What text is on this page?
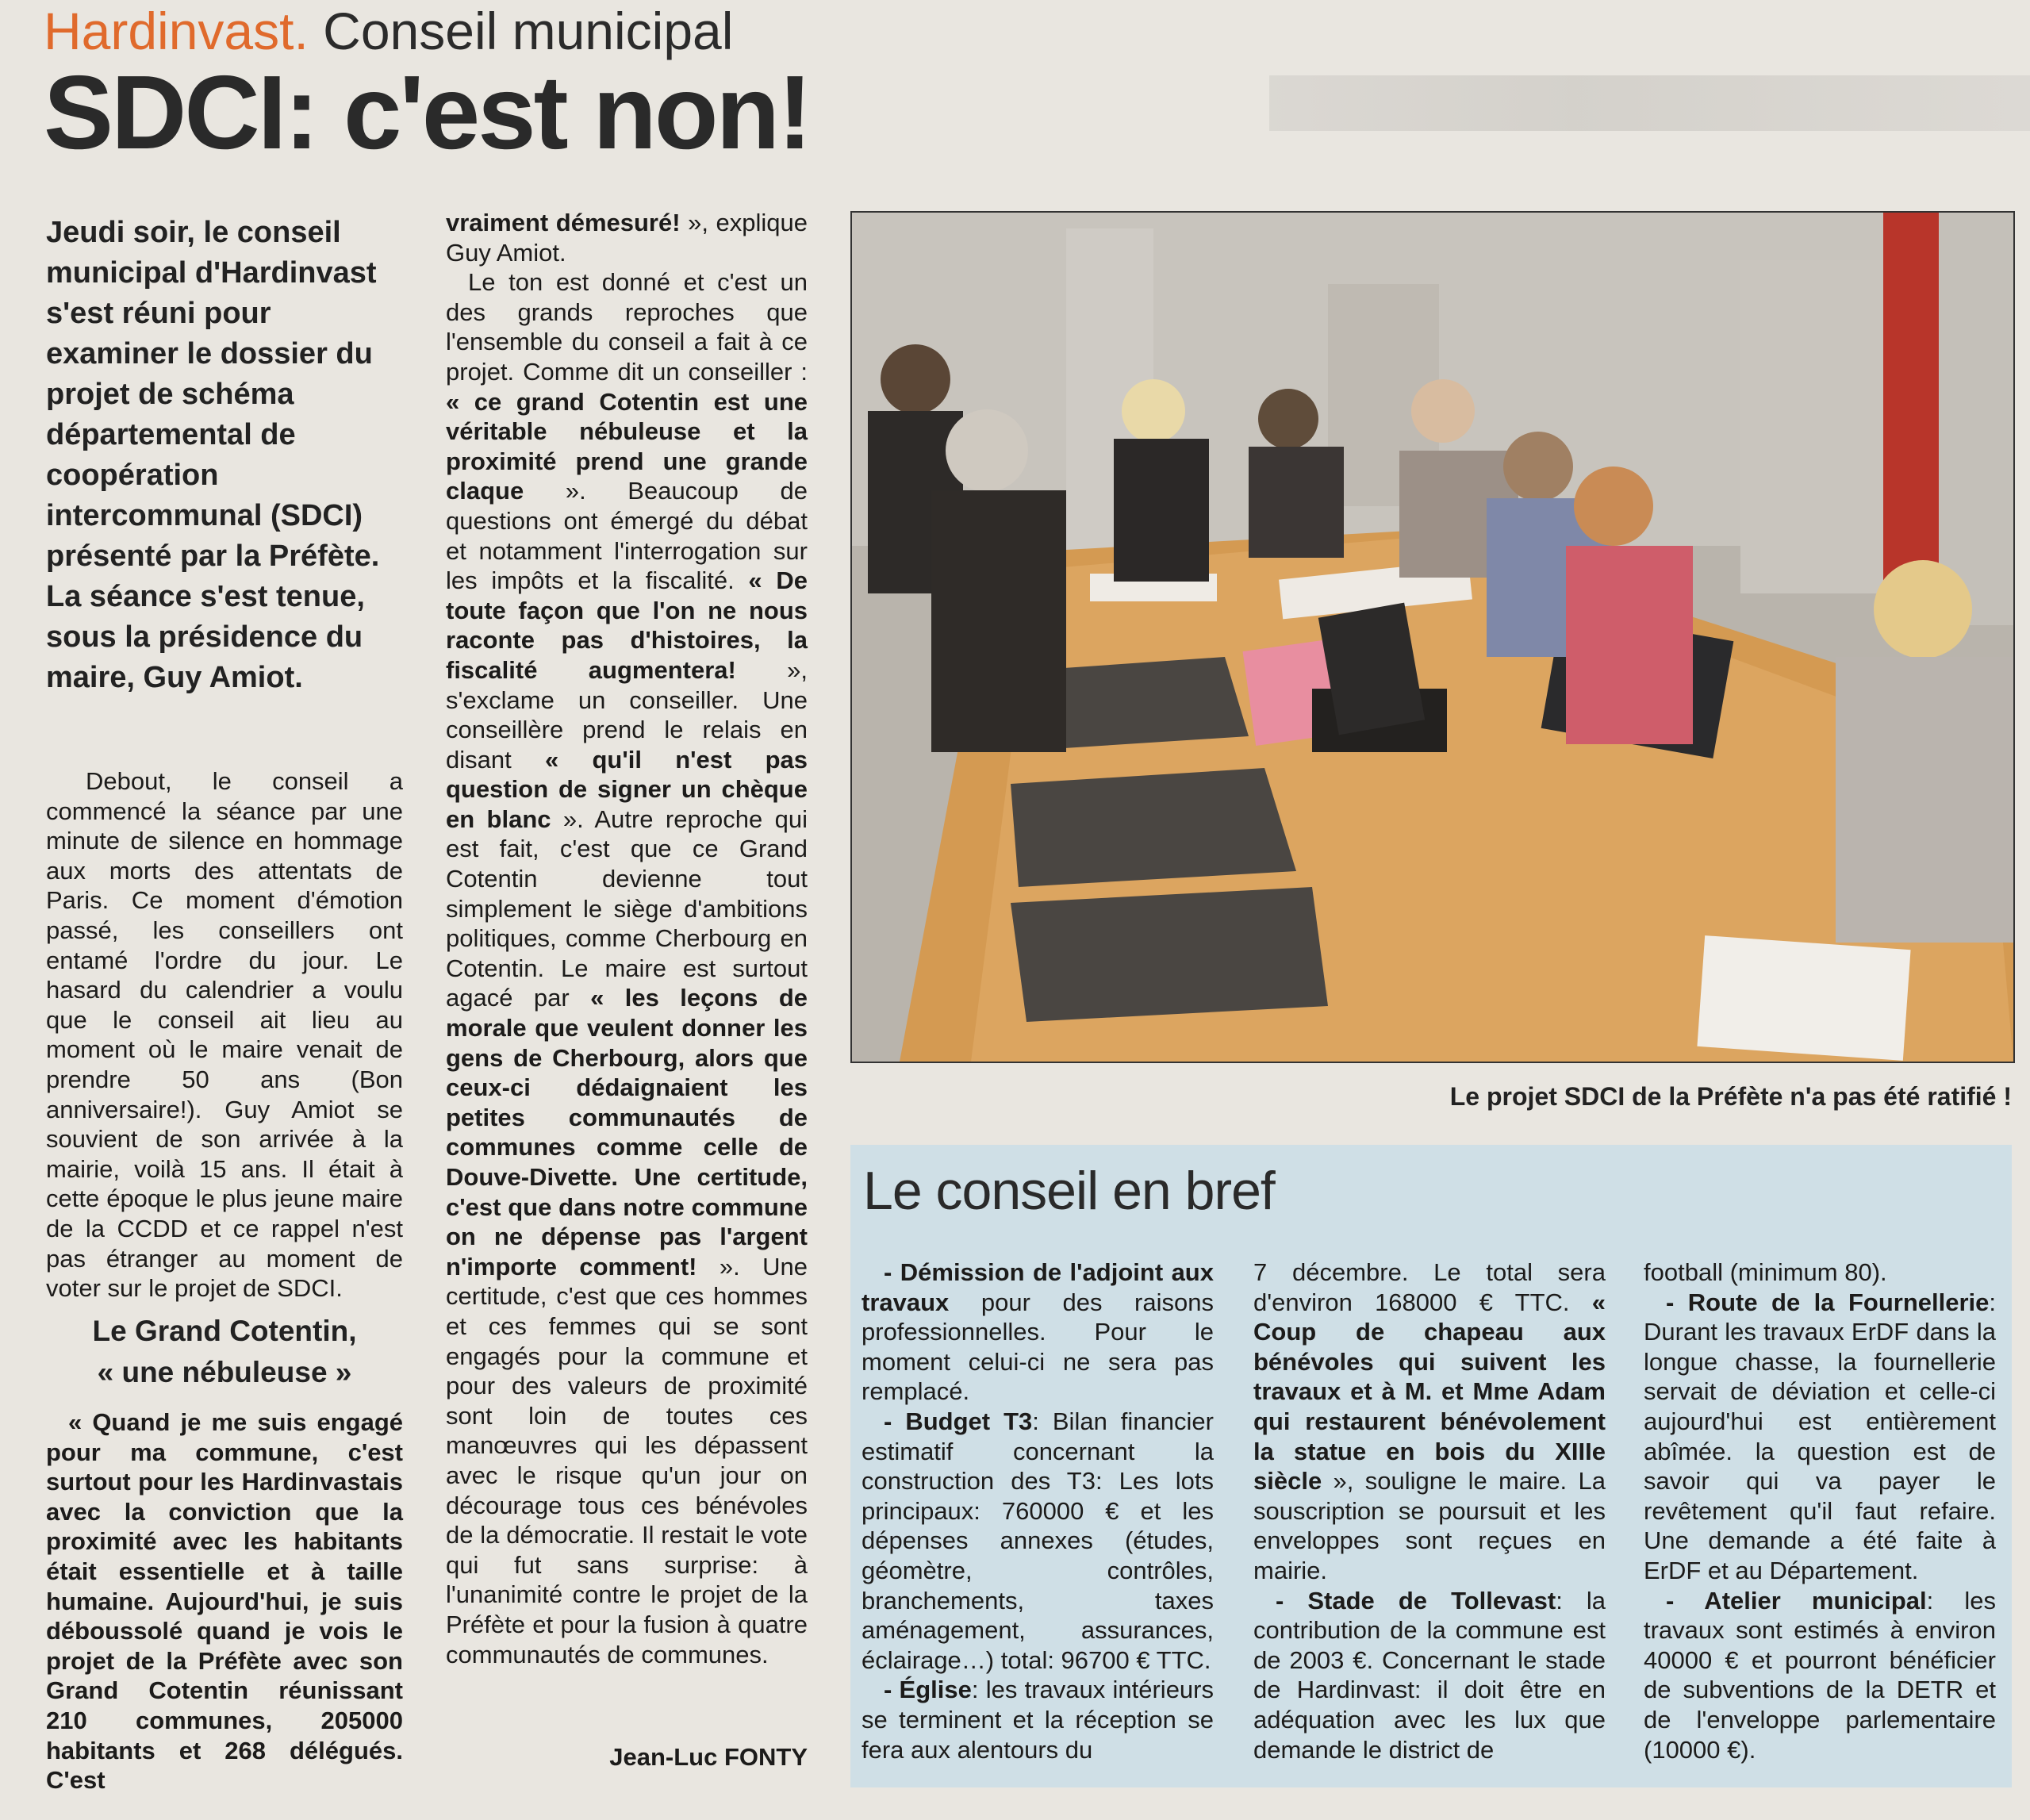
Hardinvast. Conseil municipal
SDCI: c'est non!

Jeudi soir, le conseil municipal d'Hardinvast s'est réuni pour examiner le dossier du projet de schéma départemental de coopération intercommunal (SDCI) présenté par la Préfète. La séance s'est tenue, sous la présidence du maire, Guy Amiot.

Debout, le conseil a commencé la séance par une minute de silence en hommage aux morts des attentats de Paris. Ce moment d'émotion passé, les conseillers ont entamé l'ordre du jour. Le hasard du calendrier a voulu que le conseil ait lieu au moment où le maire venait de prendre 50 ans (Bon anniversaire!). Guy Amiot se souvient de son arrivée à la mairie, voilà 15 ans. Il était à cette époque le plus jeune maire de la CCDD et ce rappel n'est pas étranger au moment de voter sur le projet de SDCI.

Le Grand Cotentin,
« une nébuleuse »

« Quand je me suis engagé pour ma commune, c'est surtout pour les Hardinvastais avec la conviction que la proximité avec les habitants était essentielle et à taille humaine. Aujourd'hui, je suis déboussolé quand je vois le projet de la Préfète avec son Grand Cotentin réunissant 210 communes, 205000 habitants et 268 délégués. C'est

vraiment démesuré! », explique Guy Amiot.

Le ton est donné et c'est un des grands reproches que l'ensemble du conseil a fait à ce projet. Comme dit un conseiller : « ce grand Cotentin est une véritable nébuleuse et la proximité prend une grande claque ». Beaucoup de questions ont émergé du débat et notamment l'interrogation sur les impôts et la fiscalité. « De toute façon que l'on ne nous raconte pas d'histoires, la fiscalité augmentera! », s'exclame un conseiller. Une conseillère prend le relais en disant « qu'il n'est pas question de signer un chèque en blanc ». Autre reproche qui est fait, c'est que ce Grand Cotentin devienne tout simplement le siège d'ambitions politiques, comme Cherbourg en Cotentin. Le maire est surtout agacé par « les leçons de morale que veulent donner les gens de Cherbourg, alors que ceux-ci dédaignaient les petites communautés de communes comme celle de Douve-Divette. Une certitude, c'est que dans notre commune on ne dépense pas l'argent n'importe comment! ». Une certitude, c'est que ces hommes et ces femmes qui se sont engagés pour la commune et pour des valeurs de proximité sont loin de toutes ces manœuvres qui les dépassent avec le risque qu'un jour on décourage tous ces bénévoles de la démocratie. Il restait le vote qui fut sans surprise: à l'unanimité contre le projet de la Préfète et pour la fusion à quatre communautés de communes.

Jean-Luc FONTY
Le projet SDCI de la Préfète n'a pas été ratifié !
Le conseil en bref

- Démission de l'adjoint aux travaux pour des raisons professionnelles. Pour le moment celui-ci ne sera pas remplacé.

- Budget T3: Bilan financier estimatif concernant la construction des T3: Les lots principaux: 760000 € et les dépenses annexes (études, géomètre, contrôles, branchements, taxes aménagement, assurances, éclairage…) total: 96700 € TTC.

- Église: les travaux intérieurs se terminent et la réception se fera aux alentours du

7 décembre. Le total sera d'environ 168000 € TTC. « Coup de chapeau aux bénévoles qui suivent les travaux et à M. et Mme Adam qui restaurent bénévolement la statue en bois du XIIIe siècle », souligne le maire. La souscription se poursuit et les enveloppes sont reçues en mairie.

- Stade de Tollevast: la contribution de la commune est de 2003 €. Concernant le stade de Hardinvast: il doit être en adéquation avec les lux que demande le district de

football (minimum 80).

- Route de la Fournellerie: Durant les travaux ErDF dans la longue chasse, la fournellerie servait de déviation et celle-ci aujourd'hui est entièrement abîmée. la question est de savoir qui va payer le revêtement qu'il faut refaire. Une demande a été faite à ErDF et au Département.

- Atelier municipal: les travaux sont estimés à environ 40000 € et pourront bénéficier de subventions de la DETR et de l'enveloppe parlementaire (10000 €).
